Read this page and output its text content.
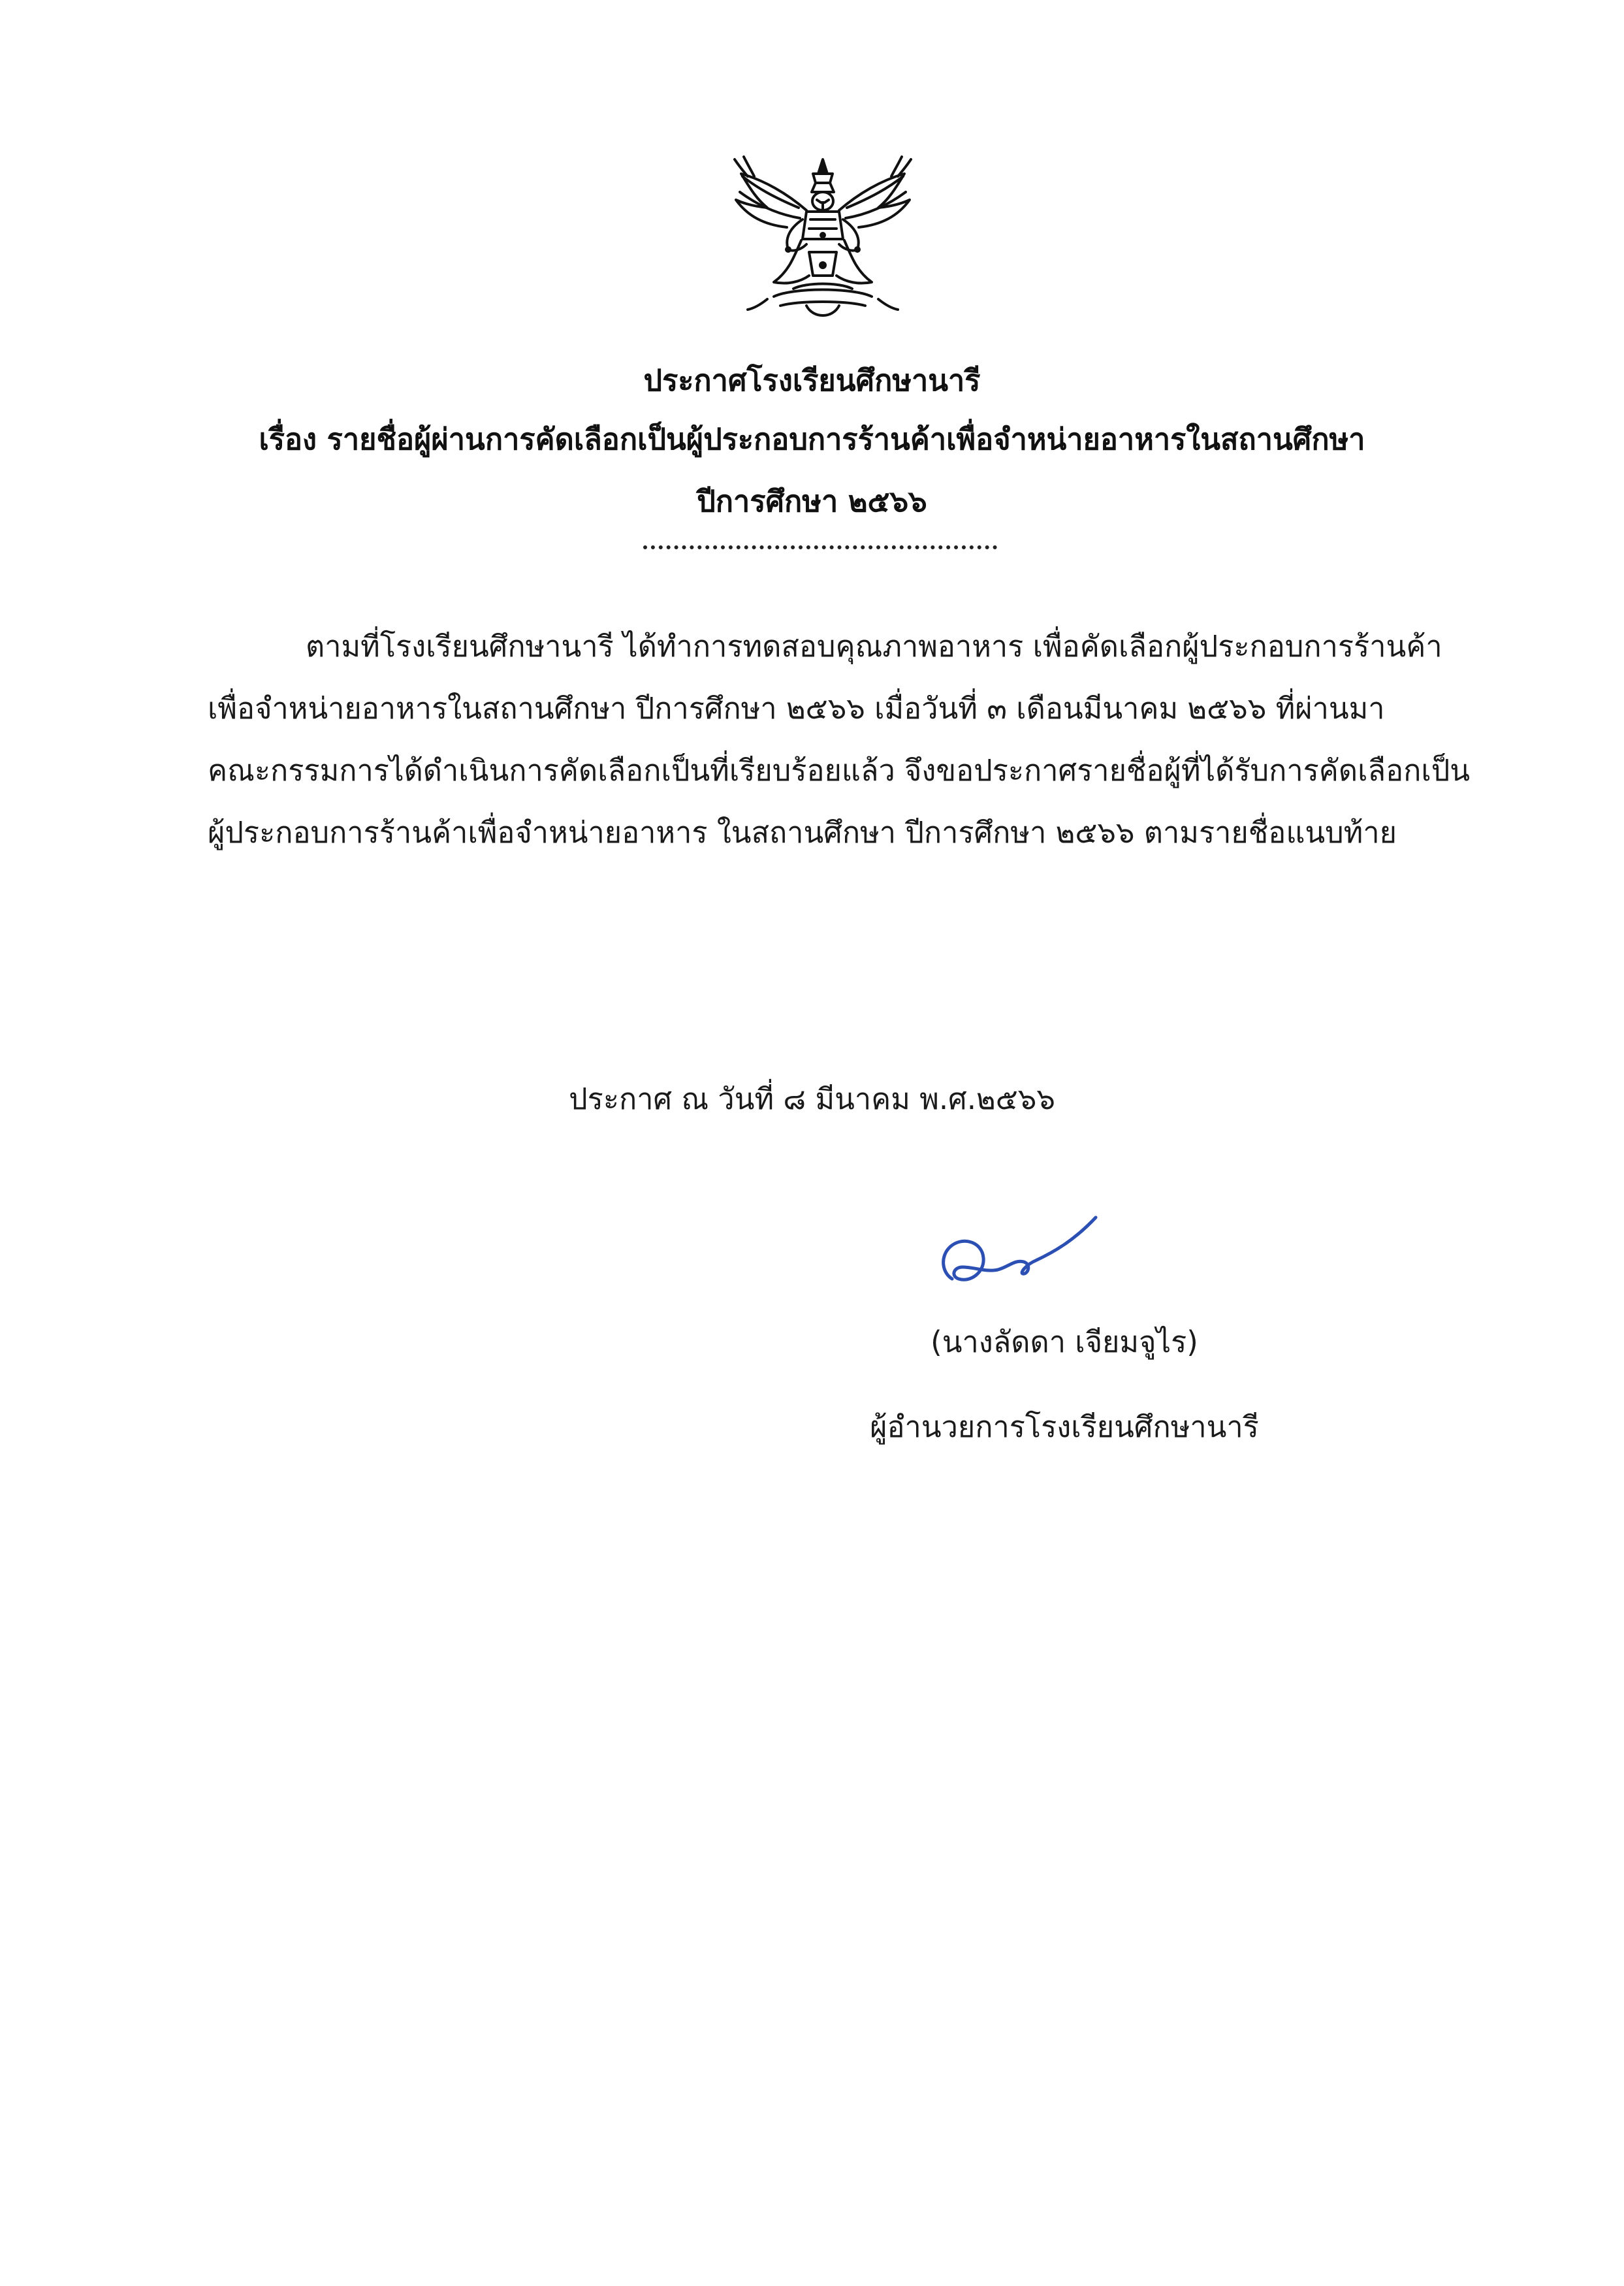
ประกาศโรงเรียนศึกษานารี
เรื่อง รายชื่อผู้ผ่านการคัดเลือกเป็นผู้ประกอบการร้านค้าเพื่อจำหน่ายอาหารในสถานศึกษา
ปีการศึกษา ๒๕๖๖
ตามที่โรงเรียนศึกษานารี ได้ทำการทดสอบคุณภาพอาหาร เพื่อคัดเลือกผู้ประกอบการร้านค้า
เพื่อจำหน่ายอาหารในสถานศึกษา ปีการศึกษา ๒๕๖๖ เมื่อวันที่ ๓ เดือนมีนาคม ๒๕๖๖ ที่ผ่านมา
คณะกรรมการได้ดำเนินการคัดเลือกเป็นที่เรียบร้อยแล้ว จึงขอประกาศรายชื่อผู้ที่ได้รับการคัดเลือกเป็น
ผู้ประกอบการร้านค้าเพื่อจำหน่ายอาหาร ในสถานศึกษา ปีการศึกษา ๒๕๖๖ ตามรายชื่อแนบท้าย
ประกาศ ณ วันที่ ๘ มีนาคม พ.ศ.๒๕๖๖
(นางลัดดา เจียมจูไร)
ผู้อำนวยการโรงเรียนศึกษานารี
